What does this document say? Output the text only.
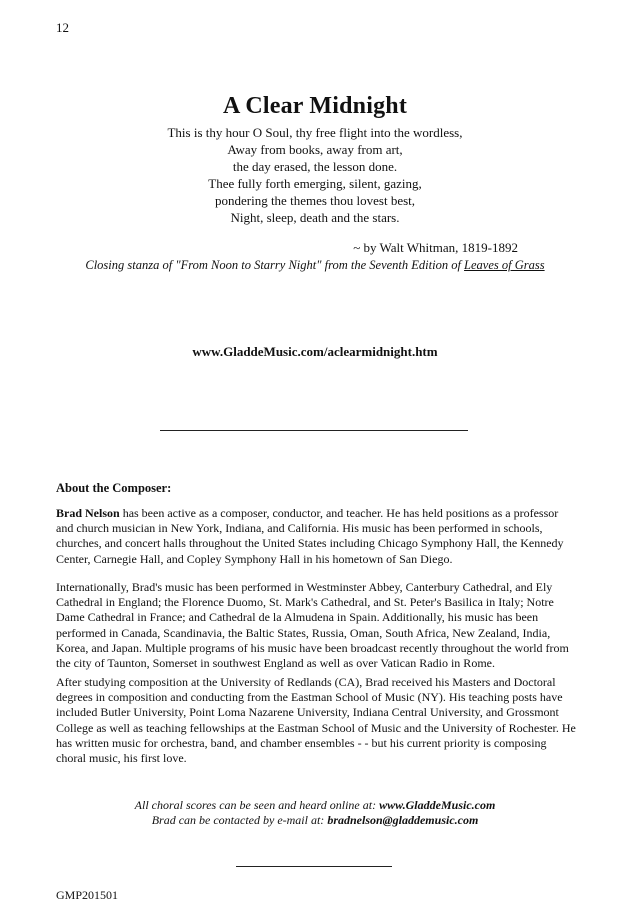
12
A Clear Midnight
This is thy hour O Soul, thy free flight into the wordless,
Away from books, away from art,
the day erased, the lesson done.
Thee fully forth emerging, silent, gazing,
pondering the themes thou lovest best,
Night, sleep, death and the stars.
~ by Walt Whitman, 1819-1892
Closing stanza of "From Noon to Starry Night" from the Seventh Edition of Leaves of Grass
www.GladdeMusic.com/aclearmidnight.htm
About the Composer:
Brad Nelson has been active as a composer, conductor, and teacher. He has held positions as a professor and church musician in New York, Indiana, and California. His music has been performed in schools, churches, and concert halls throughout the United States including Chicago Symphony Hall, the Kennedy Center, Carnegie Hall, and Copley Symphony Hall in his hometown of San Diego.
Internationally, Brad's music has been performed in Westminster Abbey, Canterbury Cathedral, and Ely Cathedral in England; the Florence Duomo, St. Mark's Cathedral, and St. Peter's Basilica in Italy; Notre Dame Cathedral in France; and Cathedral de la Almudena in Spain. Additionally, his music has been performed in Canada, Scandinavia, the Baltic States, Russia, Oman, South Africa, New Zealand, India, Korea, and Japan. Multiple programs of his music have been broadcast recently throughout the world from the city of Taunton, Somerset in southwest England as well as over Vatican Radio in Rome.
After studying composition at the University of Redlands (CA), Brad received his Masters and Doctoral degrees in composition and conducting from the Eastman School of Music (NY). His teaching posts have included Butler University, Point Loma Nazarene University, Indiana Central University, and Grossmont College as well as teaching fellowships at the Eastman School of Music and the University of Rochester. He has written music for orchestra, band, and chamber ensembles - - but his current priority is composing choral music, his first love.
All choral scores can be seen and heard online at: www.GladdeMusic.com
Brad can be contacted by e-mail at: bradnelson@gladdemusic.com
GMP201501
